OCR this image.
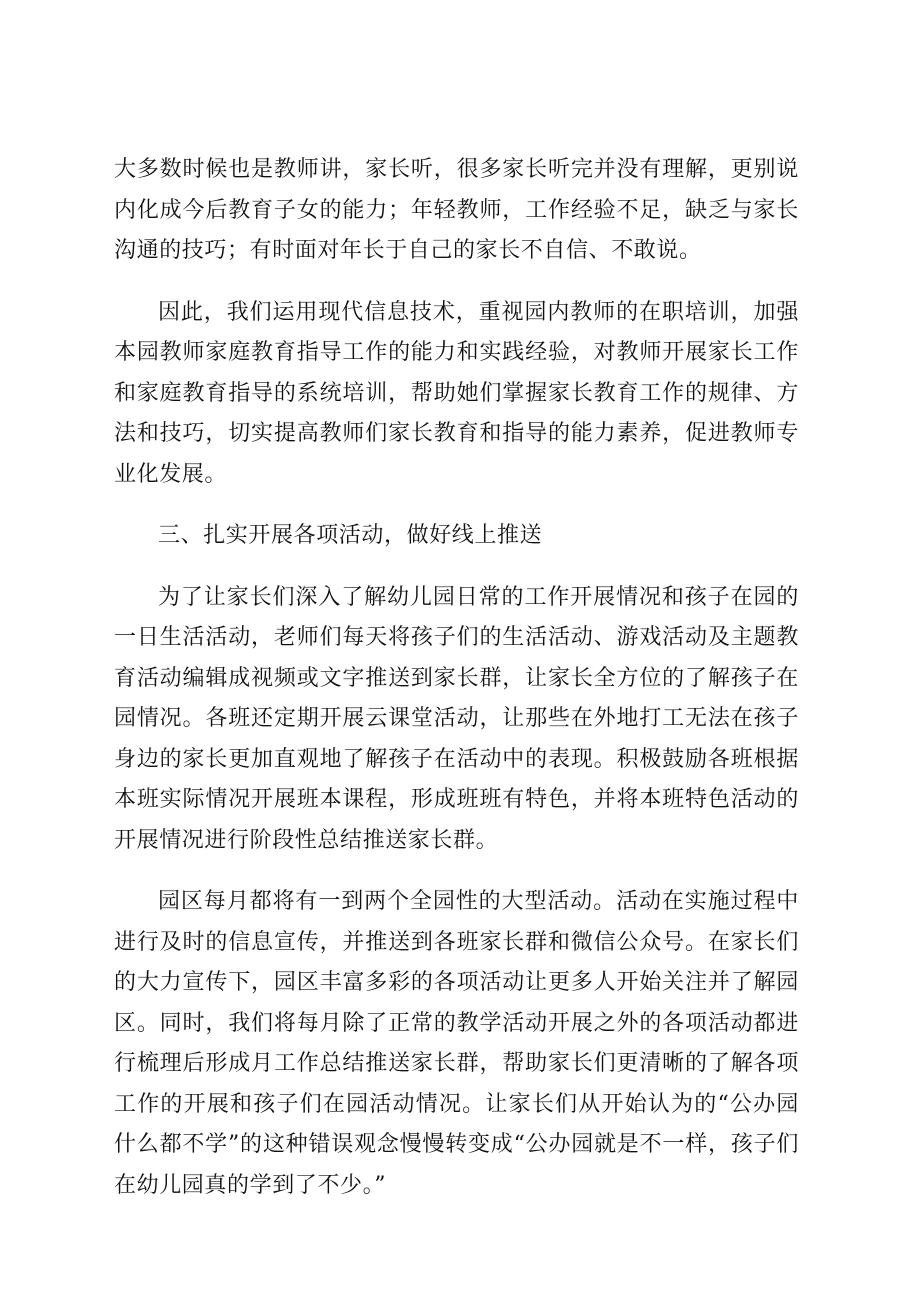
大多数时候也是教师讲，家长听，很多家长听完并没有理解，更别说内化成今后教育子女的能力；年轻教师，工作经验不足，缺乏与家长沟通的技巧；有时面对年长于自己的家长不自信、不敢说。

因此，我们运用现代信息技术，重视园内教师的在职培训，加强本园教师家庭教育指导工作的能力和实践经验，对教师开展家长工作和家庭教育指导的系统培训，帮助她们掌握家长教育工作的规律、方法和技巧，切实提高教师们家长教育和指导的能力素养，促进教师专业化发展。

三、扎实开展各项活动，做好线上推送

为了让家长们深入了解幼儿园日常的工作开展情况和孩子在园的一日生活活动，老师们每天将孩子们的生活活动、游戏活动及主题教育活动编辑成视频或文字推送到家长群，让家长全方位的了解孩子在园情况。各班还定期开展云课堂活动，让那些在外地打工无法在孩子身边的家长更加直观地了解孩子在活动中的表现。积极鼓励各班根据本班实际情况开展班本课程，形成班班有特色，并将本班特色活动的开展情况进行阶段性总结推送家长群。

园区每月都将有一到两个全园性的大型活动。活动在实施过程中进行及时的信息宣传，并推送到各班家长群和微信公众号。在家长们的大力宣传下，园区丰富多彩的各项活动让更多人开始关注并了解园区。同时，我们将每月除了正常的教学活动开展之外的各项活动都进行梳理后形成月工作总结推送家长群，帮助家长们更清晰的了解各项工作的开展和孩子们在园活动情况。让家长们从开始认为的“公办园什么都不学”的这种错误观念慢慢转变成“公办园就是不一样，孩子们在幼儿园真的学到了不少。”
